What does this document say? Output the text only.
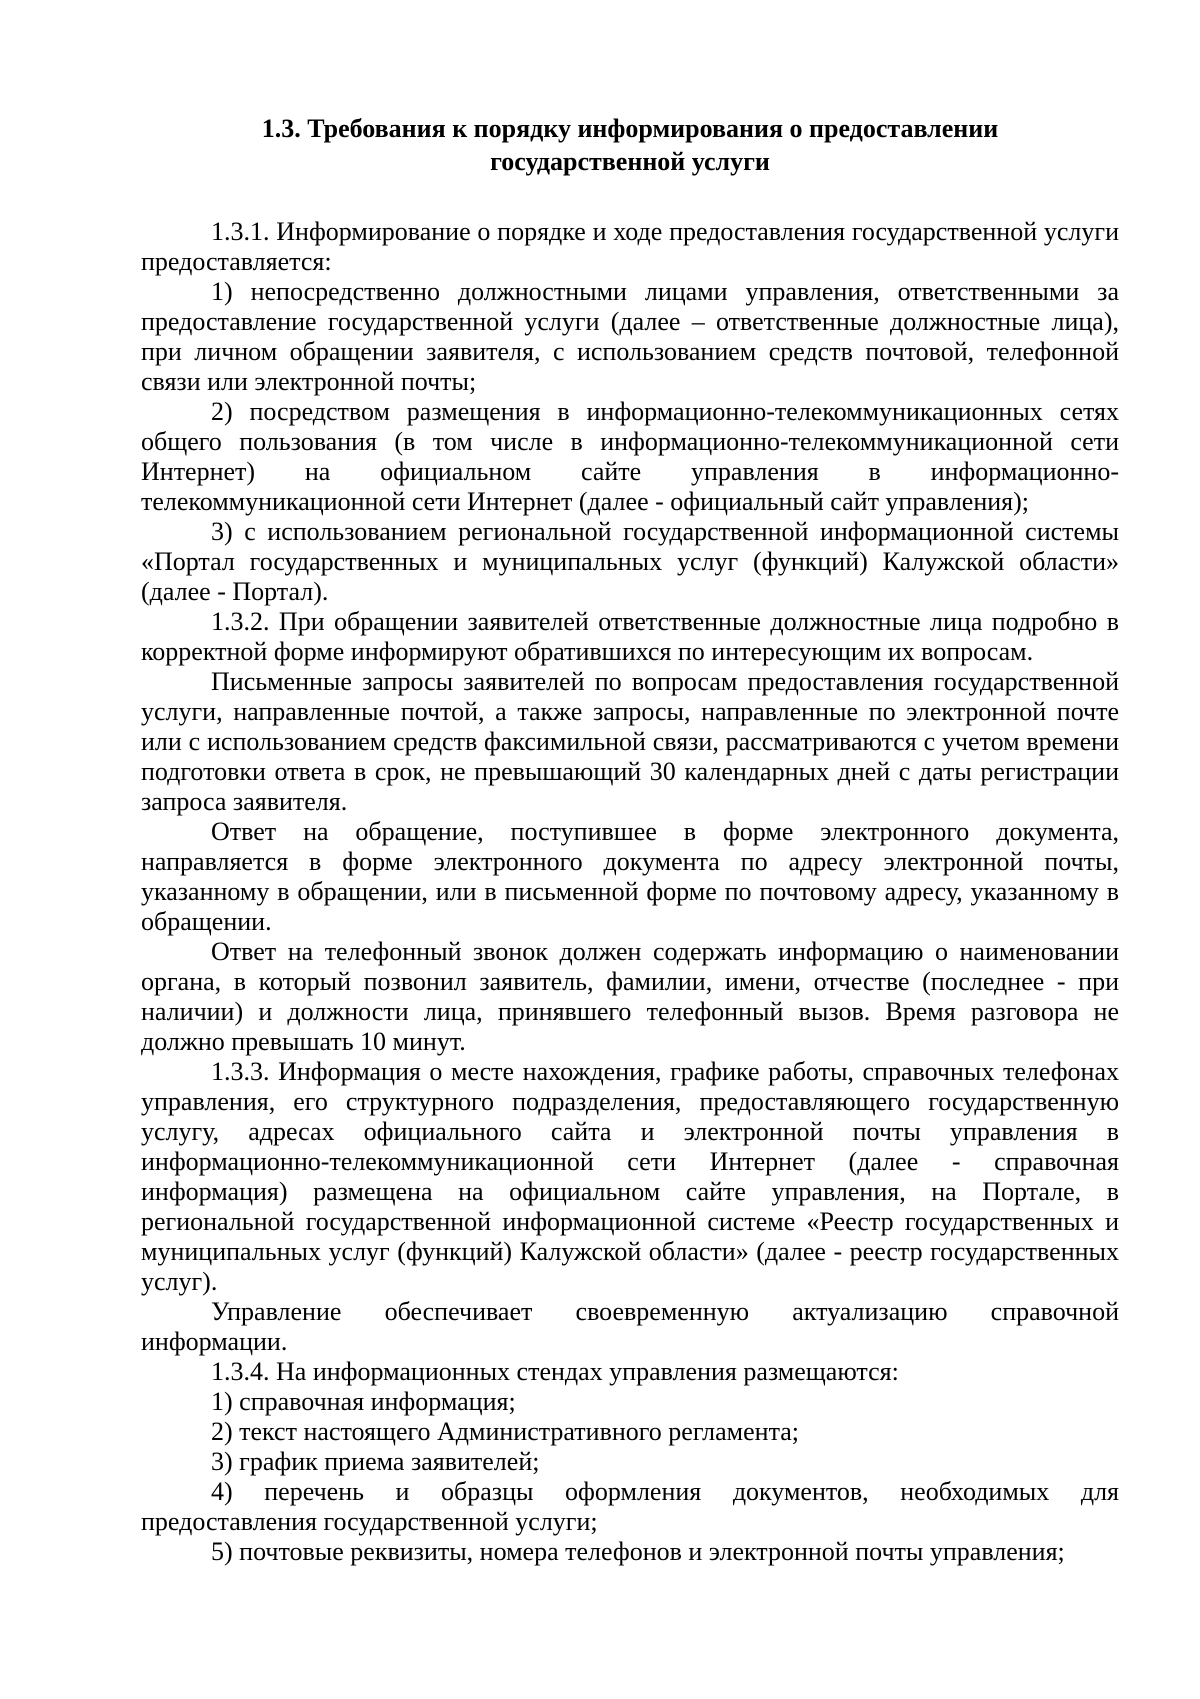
1.3. Требования к порядку информирования о предоставлении
государственной услуги

1.3.1. Информирование о порядке и ходе предоставления государственной услуги предоставляется:

1) непосредственно должностными лицами управления, ответственными за предоставление государственной услуги (далее – ответственные должностные лица), при личном обращении заявителя, с использованием средств почтовой, телефонной связи или электронной почты;

2) посредством размещения в информационно-телекоммуникационных сетях общего пользования (в том числе в информационно-телекоммуникационной сети Интернет) на официальном сайте управления в информационно-телекоммуникационной сети Интернет (далее - официальный сайт управления);

3) с использованием региональной государственной информационной системы «Портал государственных и муниципальных услуг (функций) Калужской области» (далее - Портал).

1.3.2. При обращении заявителей ответственные должностные лица подробно в корректной форме информируют обратившихся по интересующим их вопросам.

Письменные запросы заявителей по вопросам предоставления государственной услуги, направленные почтой, а также запросы, направленные по электронной почте или с использованием средств факсимильной связи, рассматриваются с учетом времени подготовки ответа в срок, не превышающий 30 календарных дней с даты регистрации запроса заявителя.

Ответ на обращение, поступившее в форме электронного документа, направляется в форме электронного документа по адресу электронной почты, указанному в обращении, или в письменной форме по почтовому адресу, указанному в обращении.

Ответ на телефонный звонок должен содержать информацию о наименовании органа, в который позвонил заявитель, фамилии, имени, отчестве (последнее - при наличии) и должности лица, принявшего телефонный вызов. Время разговора не должно превышать 10 минут.

1.3.3. Информация о месте нахождения, графике работы, справочных телефонах управления, его структурного подразделения, предоставляющего государственную услугу, адресах официального сайта и электронной почты управления в информационно-телекоммуникационной сети Интернет (далее - справочная информация) размещена на официальном сайте управления, на Портале, в региональной государственной информационной системе «Реестр государственных и муниципальных услуг (функций) Калужской области» (далее - реестр государственных услуг).

Управление обеспечивает своевременную актуализацию справочной информации.

1.3.4. На информационных стендах управления размещаются:

1) справочная информация;

2) текст настоящего Административного регламента;

3) график приема заявителей;

4) перечень и образцы оформления документов, необходимых для предоставления государственной услуги;

5) почтовые реквизиты, номера телефонов и электронной почты управления;
